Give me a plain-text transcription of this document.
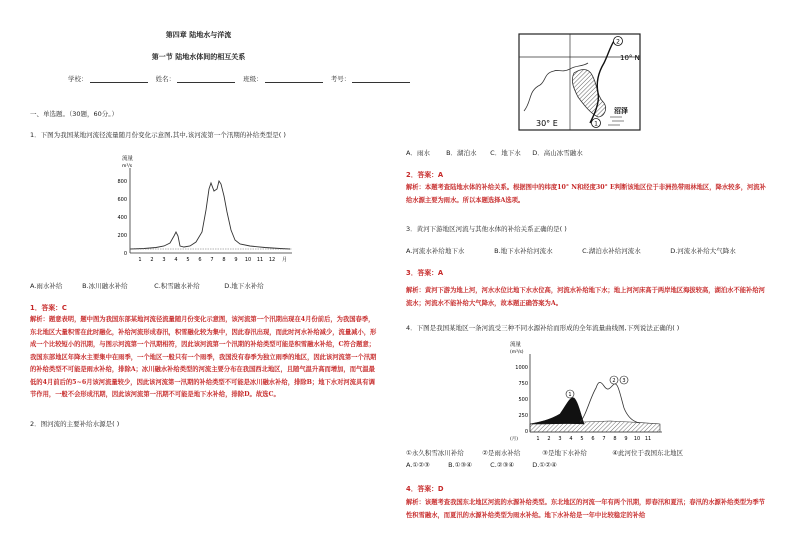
第四章 陆地水与洋流
第一节 陆地水体间的相互关系
学校：	姓名：	班级：	考号：
一、单选题。（30题，60分。）
1．下图为我国某地河流径流量随月份变化示意图,其中,该河流第一个汛期的补给类型是( )
流量
m³/s
800
600
400
200
0
1 2 3 4 5 6 7 8 9 10 11 12 月
A.雨水补给	B.冰川融水补给	C.积雪融水补给	D.地下水补给
1．答案：C
解析：题意表明，题中图为我国东部某地河流径流量随月份变化示意图，该河流第一个汛期出现在4月份前后，为我国春季，东北地区大量积雪在此时融化，补给河流形成春汛，积雪融化较为集中，因此春汛出现，而此时河水补给减少，流量减小，形成一个比较短小的汛期，与图示河流第一个汛期相符，因此该河流第一个汛期的补给类型可能是积雪融水补给，C符合题意；我国东部地区年降水主要集中在雨季，一个地区一般只有一个雨季，我国没有春季为独立雨季的地区，因此该河流第一个汛期的补给类型不可能是雨水补给，排除A；冰川融水补给类型的河流主要分布在我国西北地区，且随气温升高而增加，而气温最低的4月前后的5~6月该河流量较少，因此该河流第一汛期的补给类型不可能是冰川融水补给，排除B；地下水对河流具有调节作用，一般不会形成汛期，因此该河流第一汛期不可能是地下水补给，排除D。故选C。
2．图河流的主要补给水源是( )
2
1
10° N
30° E
沼泽
A．雨水 B．湖泊水 C．地下水 D．高山冰雪融水
2．答案：A
解析：本题考查陆地水体的补给关系。根据图中的纬度10° N和经度30° E判断该地区位于非洲热带雨林地区，降水较多，河流补给水源主要为雨水。所以本题选择A选项。
3．黄河下游地区河流与其他水体的补给关系正确的是( )
A.河流水补给地下水	B.地下水补给河流水	C.湖泊水补给河流水	D.河流水补给大气降水
3．答案：A
解析：黄河下游为地上河，河水水位比地下水水位高，河流水补给地下水；地上河河床高于两岸地区海拔较高，湖泊水不能补给河流水；河流水不能补给大气降水，故本题正确答案为A。
4．下图是我国某地区一条河流受三种不同水源补给而形成的全年流量曲线图,下列说法正确的( )
流量
(m³/s)
1000
750
500
250
0
(月)	1 2 3 4 5 6 7 8 9 10 11
1
2 3
①永久积雪冰川补给	②是雨水补给	③是地下水补给	④此河位于我国东北地区
A.①②③	B.①③④	C.②③④	D.①②④
4．答案：D
解析：该题考查我国东北地区河流的水源补给类型。东北地区的河流一年有两个汛期，即春汛和夏汛；春汛的水源补给类型为季节性积雪融水，而夏汛的水源补给类型为雨水补给。地下水补给是一年中比较稳定的补给
